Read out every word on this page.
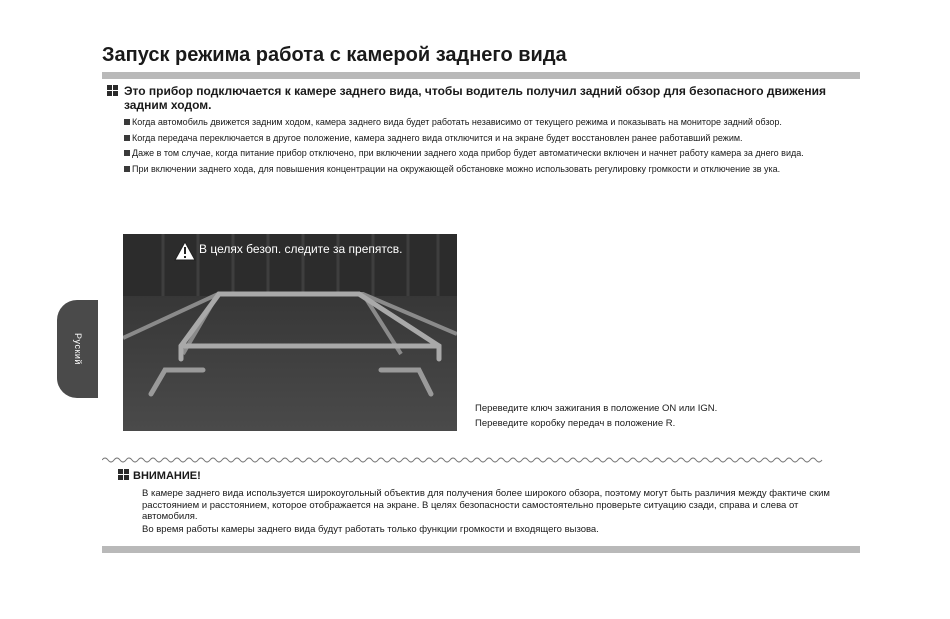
Запуск режима работа с камерой заднего вида
Руский
Это прибор подключается к камере заднего вида, чтобы водитель получил задний обзор для безопасного движения задним ходом.
Когда автомобиль движется задним ходом, камера заднего вида будет работать независимо от текущего режима и показывать на мониторе задний обзор.
Когда передача переключается в другое положение, камера заднего вида отключится и на экране будет восстановлен ранее работавший режим.
Даже в том случае, когда питание прибор отключено, при включении заднего хода прибор будет автоматически включен и начнет работу камера за днего вида.
При включении заднего хода, для повышения концентрации на окружающей обстановке можно использовать регулировку громкости и отключение зв ука.
В целях безоп. следите за препятсв.
Переведите ключ зажигания в положение ON или IGN.
Переведите коробку передач в положение R.
ВНИМАНИЕ!

В камере заднего вида используется широкоугольный объектив для получения более широкого обзора, поэтому могут быть различия между фактиче ским расстоянием и расстоянием, которое отображается на экране. В целях безопасности самостоятельно проверьте ситуацию сзади, справа и слева от автомобиля.

Во время работы камеры заднего вида будут работать только функции громкости и входящего вызова.
